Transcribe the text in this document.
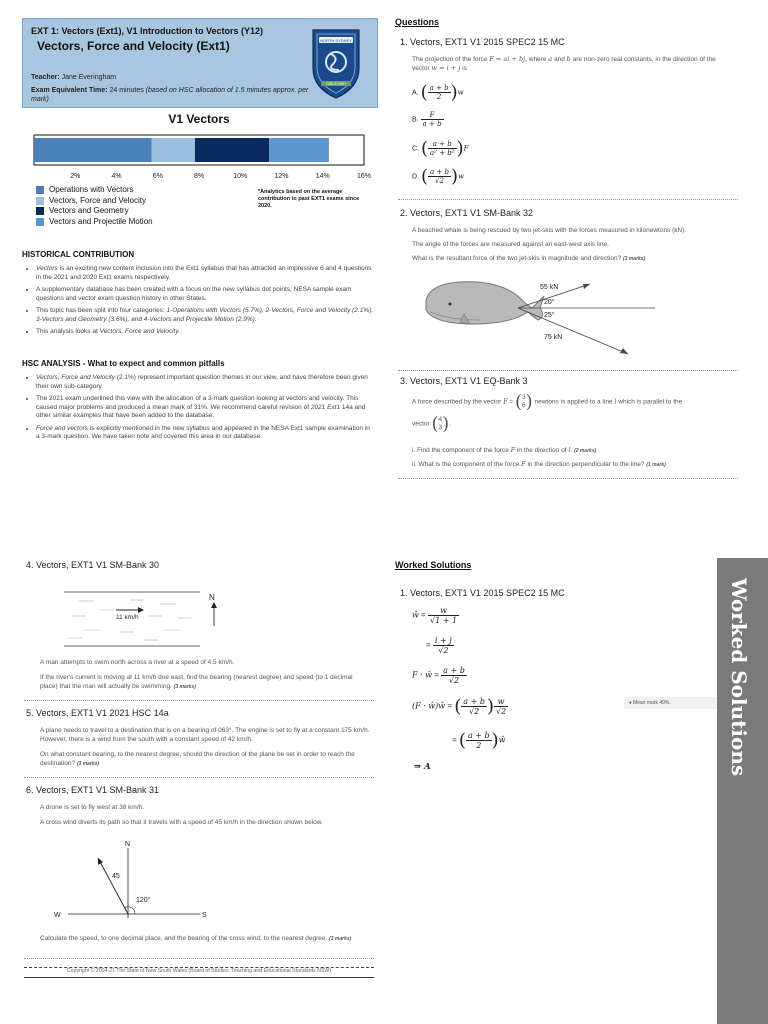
EXT 1: Vectors (Ext1), V1 Introduction to Vectors (Y12)
Vectors, Force and Velocity (Ext1)
Teacher: Jane Everingham
Exam Equivalent Time: 24 minutes (based on HSC allocation of 1.5 minutes approx. per mark)
NORTH SYDNEY
GIRLS HIGH
V1 Vectors
2%	4%	6%	8%	10%	12%	14%	16%
Operations with Vectors
Vectors, Force and Velocity
Vectors and Geometry
Vectors and Projectile Motion
*Analytics based on the average contribution to past EXT1 exams since 2020.
HISTORICAL CONTRIBUTION
• Vectors is an exciting new content inclusion into the Ext1 syllabus that has attracted an impressive 6 and 4 questions in the 2021 and 2020 Ext1 exams respectively.
• A supplementary database has been created with a focus on the new syllabus dot points, NESA sample exam questions and vector exam question history in other States.
• This topic has been split into four categories: 1-Operations with Vectors (5.7%), 2-Vectors, Force and Velocity (2.1%), 3-Vectors and Geometry (3.6%), and 4-Vectors and Projectile Motion (2.9%).
• This analysis looks at Vectors, Force and Velocity.
HSC ANALYSIS - What to expect and common pitfalls
• Vectors, Force and Velocity (2.1%) represent important question themes in our view, and have therefore been given their own sub-category.
• The 2021 exam underlined this view with the allocation of a 3-mark question looking at vectors and velocity. This caused major problems and produced a mean mark of 31%. We recommend careful revision of 2021 Ext1 14a and other similar examples that have been added to the database.
• Force and vectors is explicitly mentioned in the new syllabus and appeared in the NESA Ext1 sample examination in a 3-mark question. We have taken note and covered this area in our database.
Questions
1. Vectors, EXT1 V1 2015 SPEC2 15 MC
The projection of the force F = ai + bj, where a and b are non-zero real constants, in the direction of the vector w = i + j is
A. ( $\frac{a + b}{2} )w$
B. $\frac{F}{a + b}$
C. ( $\frac{a + b}{\text{a² + b²}} )F$
D. ( $\frac{a + b}{√2} )w$
2. Vectors, EXT1 V1 SM-Bank 32
A beached whale is being rescued by two jet-skis with the forces measured in kilonewtons (kN).
The angle of the forces are measured against an east-west axis line.
What is the resultant force of the two jet-skis in magnitude and direction? (3 marks)
55 kN
20°
25°
75 kN
3. Vectors, EXT1 V1 EQ-Bank 3
A force described by the vector F = ( 3
6 ) newtons is applied to a line l which is parallel to the
vector ( 4
3 ).
i. Find the component of the force F in the direction of l. (2 marks)
ii. What is the component of the force F in the direction perpendicular to the line? (1 mark)
4. Vectors, EXT1 V1 SM-Bank 30
11 km/h
N
A man attempts to swim north across a river at a speed of 4.5 km/h.
If the river's current is moving at 11 km/h due east, find the bearing (nearest degree) and speed (to 1 decimal place) that the man will actually be swimming. (3 marks)
5. Vectors, EXT1 V1 2021 HSC 14a
A plane needs to travel to a destination that is on a bearing of 063°. The engine is set to fly at a constant 175 km/h. However, there is a wind from the south with a constant speed of 42 km/h.
On what constant bearing, to the nearest degree, should the direction of the plane be set in order to reach the destination? (3 marks)
6. Vectors, EXT1 V1 SM-Bank 31
A drone is set to fly west at 38 km/h.
A cross wind diverts its path so that it travels with a speed of 45 km/h in the direction shown below.
N
W	S
45
120°
Calculate the speed, to one decimal place, and the bearing of the cross wind, to the nearest degree. (3 marks)
Copyright © 2004-21 The State of New South Wales (Board of Studies, Teaching and Educational Standards NSW)
Worked Solutions
1. Vectors, EXT1 V1 2015 SPEC2 15 MC
ŵ = $\frac{w}{√1 + 1}$
= $\frac{i + j}{√2}$
F · ŵ = $\frac{a + b}{√2}$
(F · ŵ)ŵ = ( $\frac{a + b}{√2}$ ) $\frac{w}{√2}$
= ( $\frac{a + b}{2}$ )ŵ
⇒ A
♦ Mean mark 49%.	Worked Solutions
